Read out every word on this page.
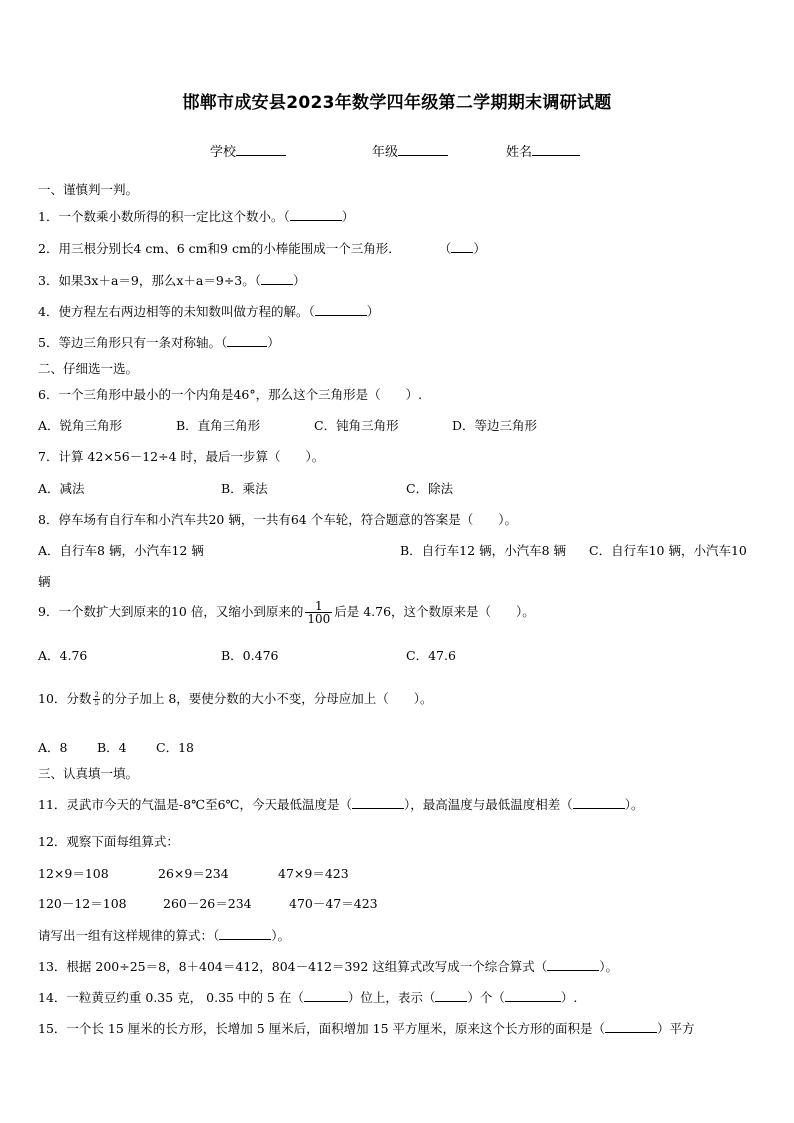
邯郸市成安县2023年数学四年级第二学期期末调研试题
学校	年级	姓名
一、谨慎判一判。
1．一个数乘小数所得的积一定比这个数小。（	）
2．用三根分别长4 cm、6 cm和9 cm的小棒能围成一个三角形．	（ ）
3．如果3x＋a＝9，那么x＋a＝9÷3。（	）
4．使方程左右两边相等的未知数叫做方程的解。（	）
5．等边三角形只有一条对称轴。（	）
二、仔细选一选。
6．一个三角形中最小的一个内角是46°，那么这个三角形是（　　）.
A．锐角三角形	B．直角三角形	C．钝角三角形	D．等边三角形
7．计算 42×56－12÷4 时，最后一步算（　　）。
A．减法	B．乘法	C．除法
8．停车场有自行车和小汽车共20 辆，一共有64 个车轮，符合题意的答案是（　　）。
A．自行车8 辆，小汽车12 辆	B．自行车12 辆，小汽车8 辆 C．自行车10 辆，小汽车10
辆
9．一个数扩大到原来的10 倍，又缩小到原来的 $\frac{1}{100}$ 后是 4.76，这个数原来是（　　）。
A．4.76	B．0.476	C．47.6
10．分数 $\frac{2}{5}$ 的分子加上 8，要使分数的大小不变，分母应加上（　　）。
A．8 B．4 C．18
三、认真填一填。
11．灵武市今天的气温是-8℃至6℃，今天最低温度是（	），最高温度与最低温度相差（	）。
12．观察下面每组算式：
12×9＝108	26×9＝234	47×9＝423
120－12＝108	260－26＝234	470－47＝423
请写出一组有这样规律的算式：（	）。
13．根据 200÷25＝8，8＋404＝412，804－412＝392 这组算式改写成一个综合算式（	）。
14．一粒黄豆约重 0.35 克， 0.35 中的 5 在（	）位上，表示（	）个（	）.
15．一个长 15 厘米的长方形，长增加 5 厘米后，面积增加 15 平方厘米，原来这个长方形的面积是（	）平方
